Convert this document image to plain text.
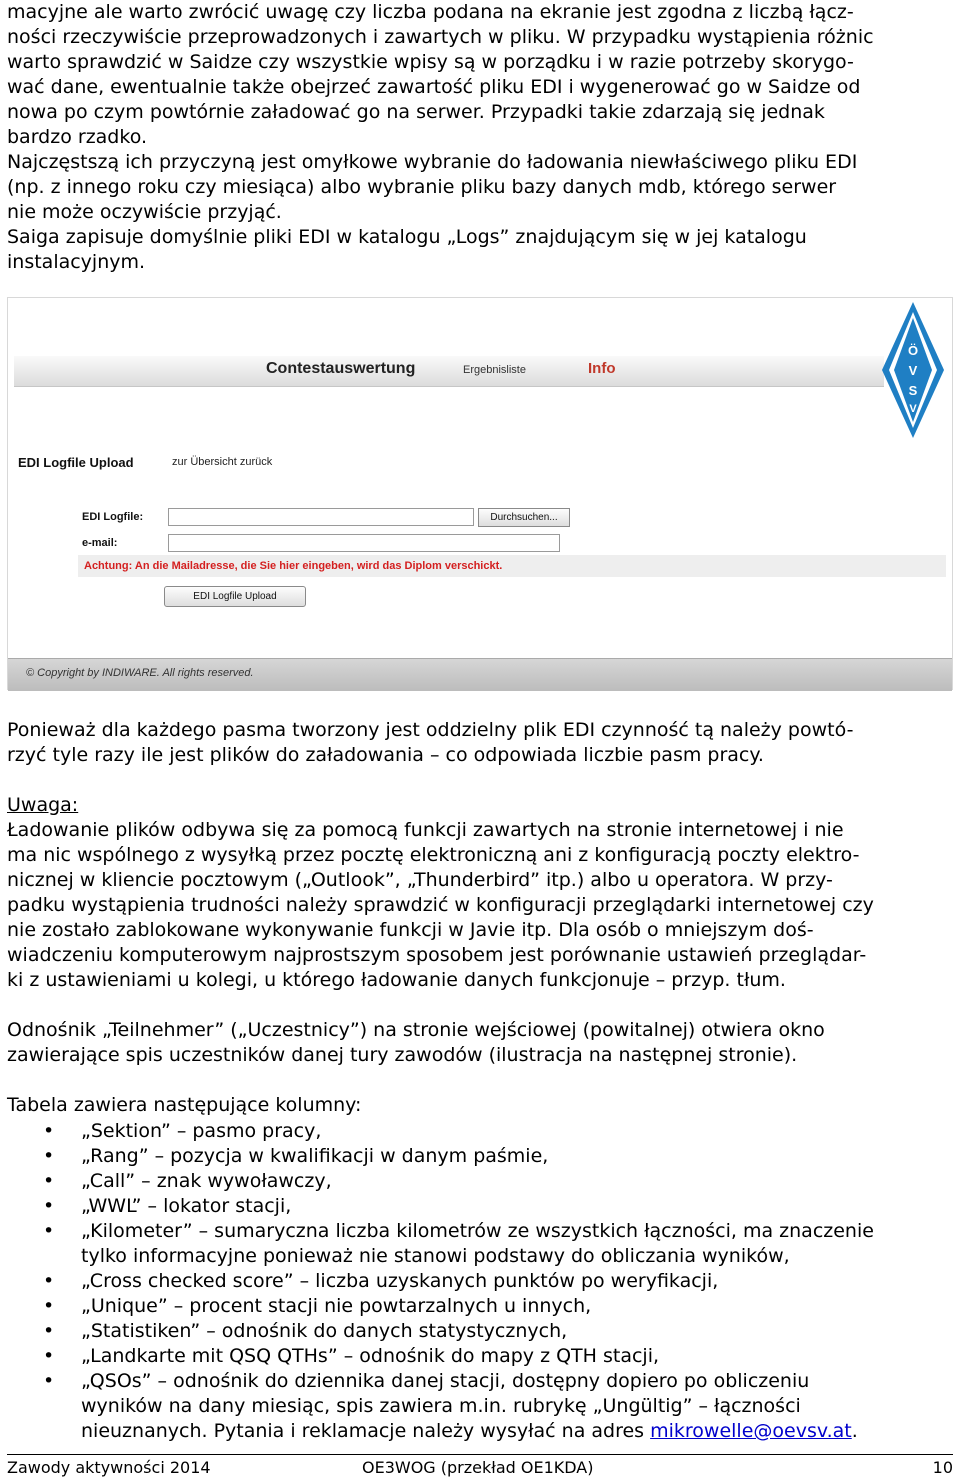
macyjne ale warto zwrócić uwagę czy liczba podana na ekranie jest zgodna z liczbą łącz-
ności rzeczywiście przeprowadzonych i zawartych w pliku. W przypadku wystąpienia różnic
warto sprawdzić w Saidze czy wszystkie wpisy są w porządku i w razie potrzeby skorygo-
wać dane, ewentualnie także obejrzeć zawartość pliku EDI i wygenerować go w Saidze od
nowa po czym powtórnie załadować go na serwer. Przypadki takie zdarzają się jednak
bardzo rzadko.
Najczęstszą ich przyczyną jest omyłkowe wybranie do ładowania niewłaściwego pliku EDI
(np. z innego roku czy miesiąca) albo wybranie pliku bazy danych mdb, którego serwer
nie może oczywiście przyjąć.
Saiga zapisuje domyślnie pliki EDI w katalogu „Logs” znajdującym się w jej katalogu
instalacyjnym.

Contestauswertung	Ergebnisliste	Info
Ö
V
S
V
EDI Logfile Upload	zur Übersicht zurück
EDI Logfile:	Durchsuchen...
e-mail:
Achtung: An die Mailadresse, die Sie hier eingeben, wird das Diplom verschickt.
EDI Logfile Upload
© Copyright by INDIWARE. All rights reserved.

Ponieważ dla każdego pasma tworzony jest oddzielny plik EDI czynność tą należy powtó-
rzyć tyle razy ile jest plików do załadowania – co odpowiada liczbie pasm pracy.

Uwaga:
Ładowanie plików odbywa się za pomocą funkcji zawartych na stronie internetowej i nie
ma nic wspólnego z wysyłką przez pocztę elektroniczną ani z konfiguracją poczty elektro-
nicznej w kliencie pocztowym („Outlook”, „Thunderbird” itp.) albo u operatora. W przy-
padku wystąpienia trudności należy sprawdzić w konfiguracji przeglądarki internetowej czy
nie zostało zablokowane wykonywanie funkcji w Javie itp. Dla osób o mniejszym doś-
wiadczeniu komputerowym najprostszym sposobem jest porównanie ustawień przeglądar-
ki z ustawieniami u kolegi, u którego ładowanie danych funkcjonuje – przyp. tłum.

Odnośnik „Teilnehmer” („Uczestnicy”) na stronie wejściowej (powitalnej) otwiera okno
zawierające spis uczestników danej tury zawodów (ilustracja na następnej stronie).

Tabela zawiera następujące kolumny:

• „Sektion” – pasmo pracy,
• „Rang” – pozycja w kwalifikacji w danym paśmie,
• „Call” – znak wywoławczy,
• „WWL” – lokator stacji,
• „Kilometer” – sumaryczna liczba kilometrów ze wszystkich łączności, ma znaczenie
tylko informacyjne ponieważ nie stanowi podstawy do obliczania wyników,
• „Cross checked score” – liczba uzyskanych punktów po weryfikacji,
• „Unique” – procent stacji nie powtarzalnych u innych,
• „Statistiken” – odnośnik do danych statystycznych,
• „Landkarte mit QSQ QTHs” – odnośnik do mapy z QTH stacji,
• „QSOs” – odnośnik do dziennika danej stacji, dostępny dopiero po obliczeniu
wyników na dany miesiąc, spis zawiera m.in. rubrykę „Ungültig” – łączności
nieuznanych. Pytania i reklamacje należy wysyłać na adres mikrowelle@oevsv.at.
Zawody aktywności 2014	OE3WOG (przekład OE1KDA)	10
